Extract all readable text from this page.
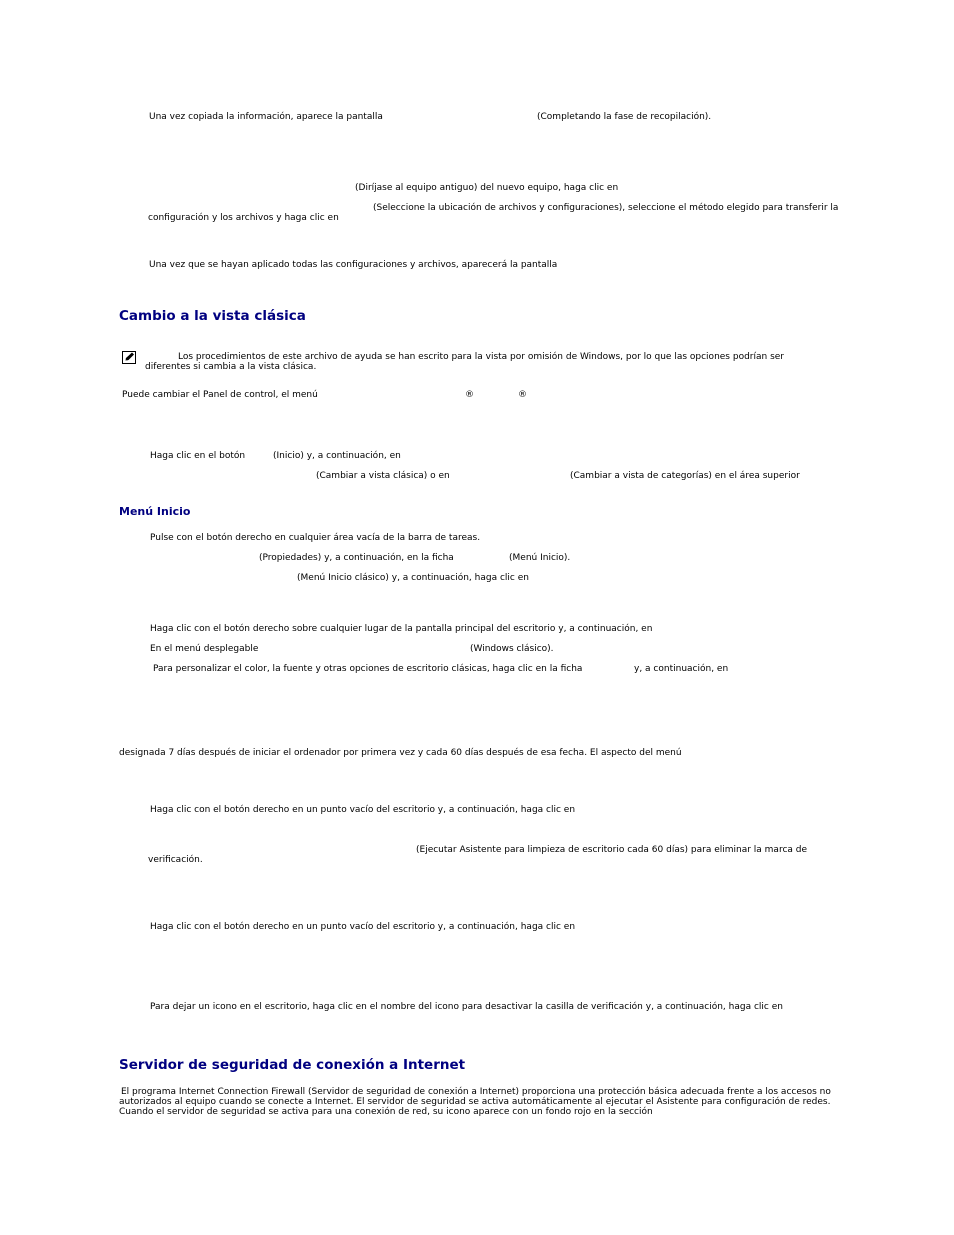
Una vez copiada la información, aparece la pantalla	(Completando la fase de recopilación).
(Diríjase al equipo antiguo) del nuevo equipo, haga clic en
(Seleccione la ubicación de archivos y configuraciones), seleccione el método elegido para transferir la
configuración y los archivos y haga clic en
Una vez que se hayan aplicado todas las configuraciones y archivos, aparecerá la pantalla
Cambio a la vista clásica
Los procedimientos de este archivo de ayuda se han escrito para la vista por omisión de Windows, por lo que las opciones podrían ser
diferentes si cambia a la vista clásica.
Puede cambiar el Panel de control, el menú	®	®
Haga clic en el botón	(Inicio) y, a continuación, en
(Cambiar a vista clásica) o en	(Cambiar a vista de categorías) en el área superior
Menú Inicio
Pulse con el botón derecho en cualquier área vacía de la barra de tareas.
(Propiedades) y, a continuación, en la ficha	(Menú Inicio).
(Menú Inicio clásico) y, a continuación, haga clic en
Haga clic con el botón derecho sobre cualquier lugar de la pantalla principal del escritorio y, a continuación, en
En el menú desplegable	(Windows clásico).
Para personalizar el color, la fuente y otras opciones de escritorio clásicas, haga clic en la ficha	y, a continuación, en
designada 7 días después de iniciar el ordenador por primera vez y cada 60 días después de esa fecha. El aspecto del menú
Haga clic con el botón derecho en un punto vacío del escritorio y, a continuación, haga clic en
(Ejecutar Asistente para limpieza de escritorio cada 60 días) para eliminar la marca de
verificación.
Haga clic con el botón derecho en un punto vacío del escritorio y, a continuación, haga clic en
Para dejar un icono en el escritorio, haga clic en el nombre del icono para desactivar la casilla de verificación y, a continuación, haga clic en
Servidor de seguridad de conexión a Internet
El programa Internet Connection Firewall (Servidor de seguridad de conexión a Internet) proporciona una protección básica adecuada frente a los accesos no autorizados al equipo cuando se conecte a Internet. El servidor de seguridad se activa automáticamente al ejecutar el Asistente para configuración de redes. Cuando el servidor de seguridad se activa para una conexión de red, su icono aparece con un fondo rojo en la sección
